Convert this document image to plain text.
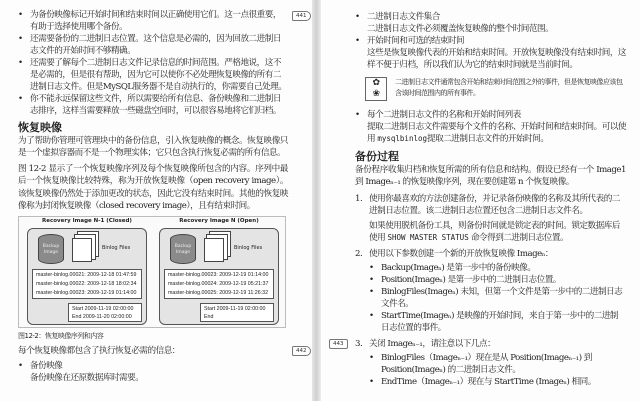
441
• 为备份映像标记开始时间和结束时间以正确使用它们。这一点很重要，有助于选择使用哪个备份。
• 还需要备份的二进制日志位置。这个信息是必需的，因为回放二进制日志文件的开始时间不够精确。
• 还需要了解每个二进制日志文件记录信息的时间范围。严格地说，这不是必需的，但是很有帮助，因为它可以使你不必处理恢复映像的所有二进制日志文件。但是MySQL服务器不是自动执行的，你需要自己处理。
• 你不能永远保留这些文件，所以需要给所有信息、备份映像和二进制日志排序，这样当需要释放一些磁盘空间时，可以很容易地将它们归档。
恢复映像
为了帮助你管理可管理块中的备份信息，引入恢复映像的概念。恢复映像只是一个虚拟容器而不是一个物理实体；它只包含执行恢复必需的所有信息。
图 12-2 显示了一个恢复映像序列及每个恢复映像所包含的内容。序列中最后一个恢复映像比较特殊，称为开放恢复映像（open recovery image）。该恢复映像仍然处于添加更改的状态，因此它没有结束时间。其他的恢复映像称为封闭恢复映像（closed recovery image），且有结束时间。
Recovery Image N-1 (Closed)
Backup Image
Binlog Files
master-binlog.00021: 2009-12-18 01:47:59
master-binlog.00022: 2009-12-18 18:02:34
master-binlog.00023: 2009-12-19 01:14:00
Start 2009-11-19 02:00:00
End 2009-11-20 02:00:00
Recovery Image N (Open)
Backup Image
Binlog Files
master-binlog.00023: 2009-12-19 01:14:00
master-binlog.00024: 2009-12-19 05:21:37
master-binlog.00025: 2009-12-19 11:26:32
Start 2009-11-19 02:00:00
End
图12-2：恢复映像序列和内容
每个恢复映像都包含了执行恢复必需的信息：	442
• 备份映像
备份映像在还原数据库时需要。
• 二进制日志文件集合
二进制日志文件必须覆盖恢复映像的整个时间范围。
• 开始时间和可选的结束时间
这些是恢复映像代表的开始和结束时间。开放恢复映像没有结束时间，这样不便于归档，所以我们认为它的结束时间就是当前时间。
✿
❀
二进制日志文件通常包含开始和结束时间范围之外的事件，但是恢复映像应该包含该时间范围内的所有事件。
• 每个二进制日志文件的名称和开始时间列表
提取二进制日志文件需要每个文件的名称、开始时间和结束时间。可以使用 mysqlbinlog提取二进制日志文件的开始时间。
备份过程
备份程序收集归档和恢复所需的所有信息和结构。假设已经有一个 Image1 到 Imageₙ₋₁ 的恢复映像序列，现在要创建第 n 个恢复映像。
1. 使用你最喜欢的方法创建备份，并记录备份映像的名称及其所代表的二进制日志位置。该二进制日志位置还包含二进制日志文件名。
如果使用脱机备份工具，则备份时间就是锁定表的时间。锁定数据库后使用 SHOW MASTER STATUS 命令得到二进制日志位置。
2. 使用以下参数创建一个新的开放恢复映像 Imageₙ：
• Backup(Imageₙ) 是第一步中的备份映像。
• Position(Imageₙ) 是第一步中的二进制日志位置。
• BinlogFiles(Imageₙ) 未知，但第一个文件是第一步中的二进制日志文件名。
• StartTime(Imageₙ) 是映像的开始时间，来自于第一步中的二进制日志位置的事件。
443	3. 关闭 Imageₙ₋₁，请注意以下几点：
• BinlogFiles（Imageₙ₋₁）现在是从 Position(Imageₙ₋₁) 到 Position(Imageₙ) 的二进制日志文件。
• EndTime（Imageₙ₋₁）现在与 StartTime (Imageₙ) 相同。
